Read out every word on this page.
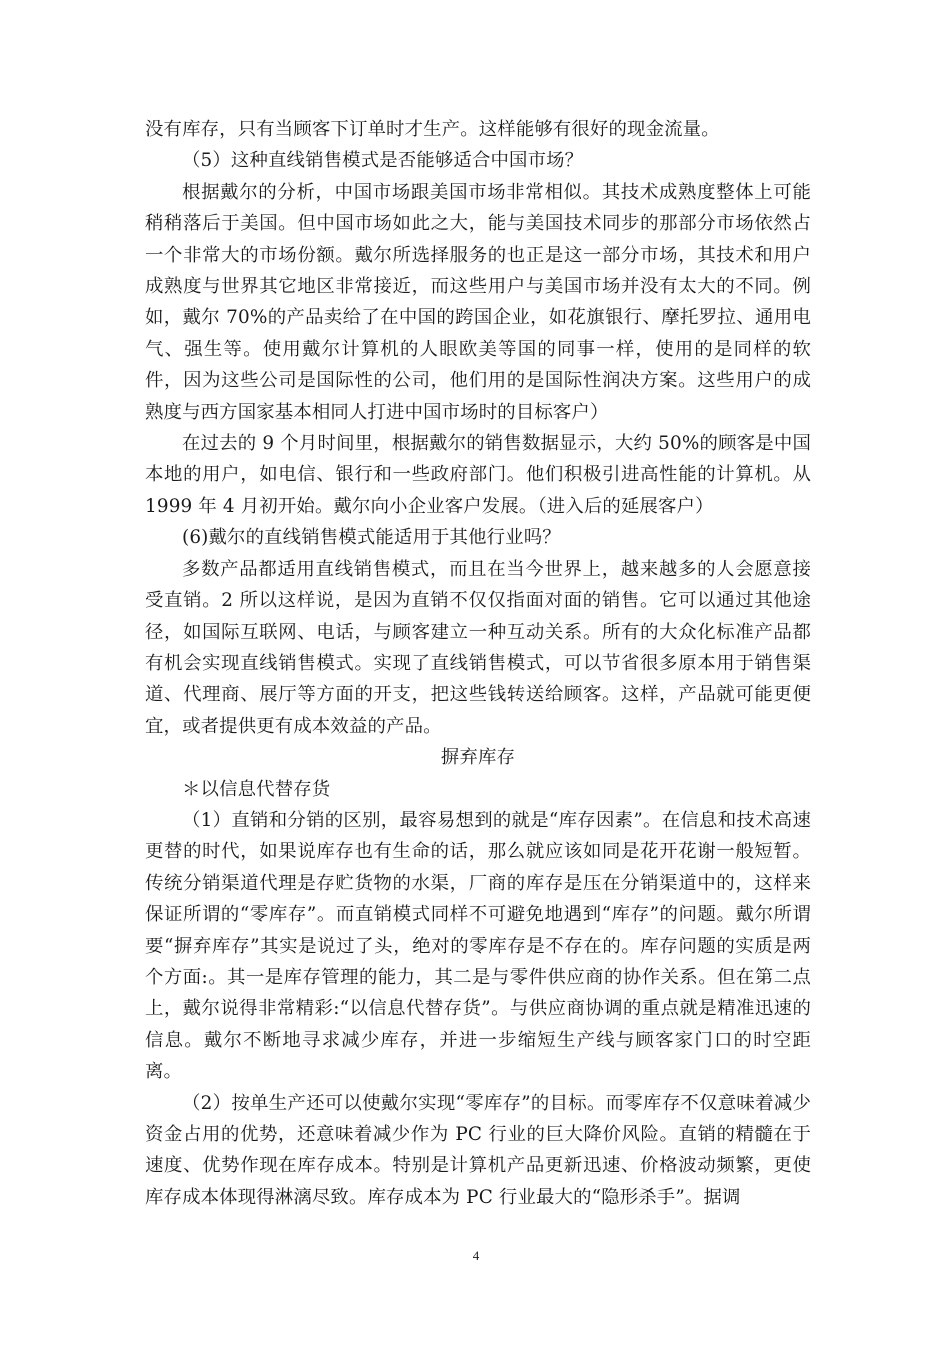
没有库存，只有当顾客下订单时才生产。这样能够有很好的现金流量。

（5）这种直线销售模式是否能够适合中国市场？

根据戴尔的分析，中国市场跟美国市场非常相似。其技术成熟度整体上可能稍稍落后于美国。但中国市场如此之大，能与美国技术同步的那部分市场依然占一个非常大的市场份额。戴尔所选择服务的也正是这一部分市场，其技术和用户成熟度与世界其它地区非常接近，而这些用户与美国市场并没有太大的不同。例如，戴尔 70%的产品卖给了在中国的跨国企业，如花旗银行、摩托罗拉、通用电气、强生等。使用戴尔计算机的人眼欧美等国的同事一样，使用的是同样的软件，因为这些公司是国际性的公司，他们用的是国际性润决方案。这些用户的成熟度与西方国家基本相同人打进中国市场时的目标客户）

在过去的 9 个月时间里，根据戴尔的销售数据显示，大约 50%的顾客是中国本地的用户，如电信、银行和一些政府部门。他们积极引进高性能的计算机。从 1999 年 4 月初开始。戴尔向小企业客户发展。（进入后的延展客户）

(6)戴尔的直线销售模式能适用于其他行业吗？

多数产品都适用直线销售模式，而且在当今世界上，越来越多的人会愿意接受直销。2 所以这样说，是因为直销不仅仅指面对面的销售。它可以通过其他途径，如国际互联网、电话，与顾客建立一种互动关系。所有的大众化标准产品都有机会实现直线销售模式。实现了直线销售模式，可以节省很多原本用于销售渠道、代理商、展厅等方面的开支，把这些钱转送给顾客。这样，产品就可能更便宜，或者提供更有成本效益的产品。

摒弃库存

＊以信息代替存货

（1）直销和分销的区别，最容易想到的就是“库存因素”。在信息和技术高速更替的时代，如果说库存也有生命的话，那么就应该如同是花开花谢一般短暂。传统分销渠道代理是存贮货物的水渠，厂商的库存是压在分销渠道中的，这样来保证所谓的“零库存”。而直销模式同样不可避免地遇到“库存”的问题。戴尔所谓要“摒弃库存”其实是说过了头，绝对的零库存是不存在的。库存问题的实质是两个方面:。其一是库存管理的能力，其二是与零件供应商的协作关系。但在第二点上，戴尔说得非常精彩:“以信息代替存货”。与供应商协调的重点就是精准迅速的信息。戴尔不断地寻求减少库存，并进一步缩短生产线与顾客家门口的时空距离。

（2）按单生产还可以使戴尔实现“零库存”的目标。而零库存不仅意味着减少资金占用的优势，还意味着减少作为 PC 行业的巨大降价风险。直销的精髓在于速度、优势作现在库存成本。特别是计算机产品更新迅速、价格波动频繁，更使库存成本体现得淋漓尽致。库存成本为 PC 行业最大的“隐形杀手”。据调

4
